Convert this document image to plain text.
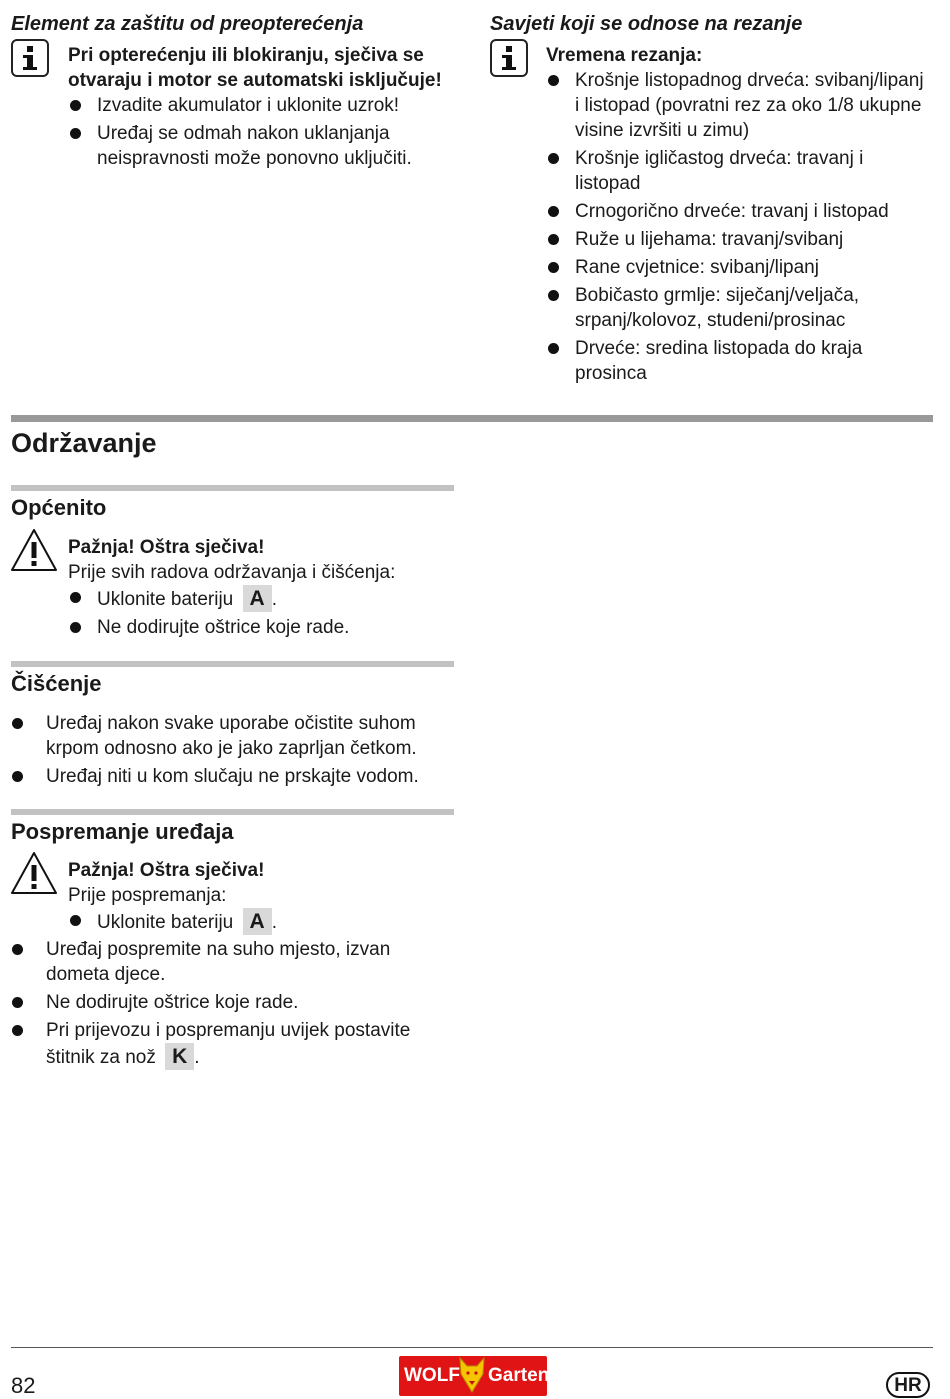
Element za zaštitu od preopterećenja
Pri opterećenju ili blokiranju, sječiva se otvaraju i motor se automatski isključuje!
Izvadite akumulator i uklonite uzrok!
Uređaj se odmah nakon uklanjanja neispravnosti može ponovno uključiti.
Savjeti koji se odnose na rezanje
Vremena rezanja:
Krošnje listopadnog drveća: svibanj/lipanj i listopad (povratni rez za oko 1/8 ukupne visine izvršiti u zimu)
Krošnje igličastog drveća: travanj i listopad
Crnogorično drveće: travanj i listopad
Ruže u lijehama: travanj/svibanj
Rane cvjetnice: svibanj/lipanj
Bobičasto grmlje: siječanj/veljača, srpanj/kolovoz, studeni/prosinac
Drveće: sredina listopada do kraja prosinca
Održavanje
Općenito
Pažnja! Oštra sječiva!
Prije svih radova održavanja i čišćenja:
Uklonite bateriju A .
Ne dodirujte oštrice koje rade.
Čišćenje
Uređaj nakon svake uporabe očistite suhom krpom odnosno ako je jako zaprljan četkom.
Uređaj niti u kom slučaju ne prskajte vodom.
Pospremanje uređaja
Pažnja! Oštra sječiva!
Prije pospremanja:
Uklonite bateriju A .
Uređaj pospremite na suho mjesto, izvan dometa djece.
Ne dodirujte oštrice koje rade.
Pri prijevozu i pospremanju uvijek postavite štitnik za nož K .
82	WOLF Garten	HR
